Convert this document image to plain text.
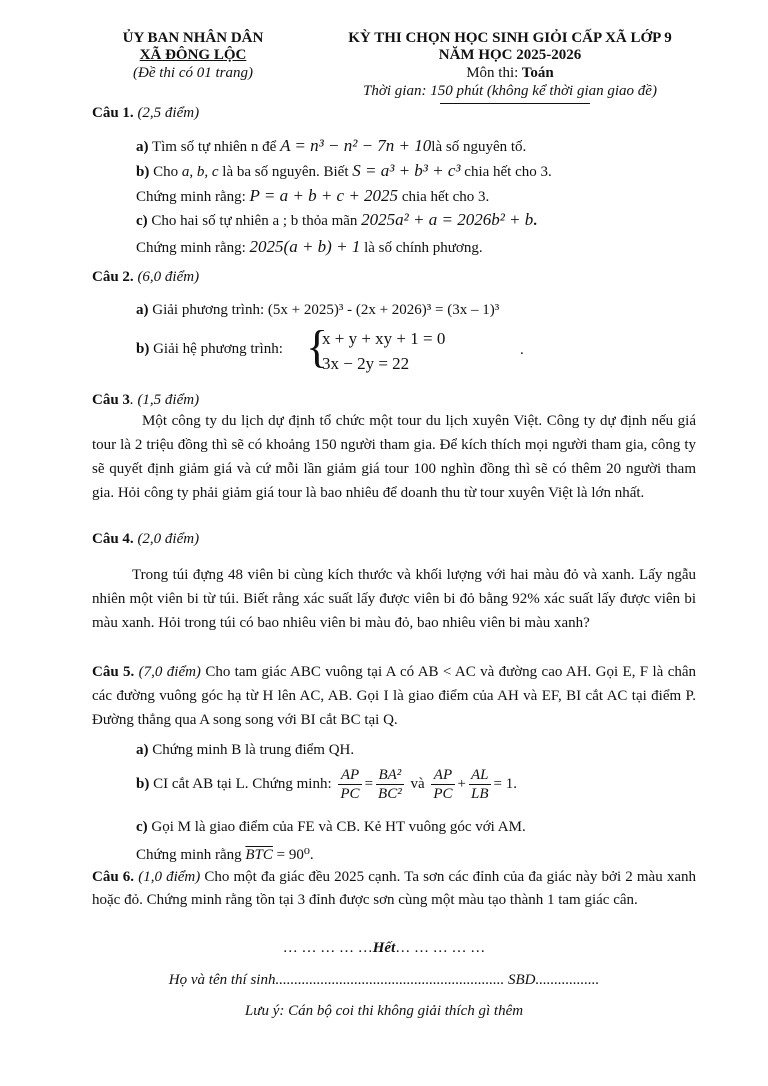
ỦY BAN NHÂN DÂN
XÃ ĐÔNG LỘC
(Đề thi có 01 trang)
KỲ THI CHỌN HỌC SINH GIỎI CẤP XÃ LỚP 9
NĂM HỌC 2025-2026
Môn thi: Toán
Thời gian: 150 phút (không kể thời gian giao đề)
Câu 1. (2,5 điểm)
a) Tìm số tự nhiên n để A = n³ − n² − 7n + 10là số nguyên tố.
b) Cho a, b, c là ba số nguyên. Biết S = a³ + b³ + c³ chia hết cho 3.
Chứng minh rằng: P = a + b + c + 2025 chia hết cho 3.
c) Cho hai số tự nhiên a ; b thỏa mãn 2025a² + a = 2026b² + b.
Chứng minh rằng: 2025(a + b) + 1 là số chính phương.
Câu 2. (6,0 điểm)
a) Giải phương trình: (5x + 2025)³ - (2x + 2026)³ = (3x – 1)³
b) Giải hệ phương trình: {
x + y + xy + 1 = 0
3x − 2y = 22
.
Câu 3. (1,5 điểm)
Một công ty du lịch dự định tổ chức một tour du lịch xuyên Việt. Công ty dự định nếu giá tour là 2 triệu đồng thì sẽ có khoảng 150 người tham gia. Để kích thích mọi người tham gia, công ty sẽ quyết định giảm giá và cứ mỗi lần giảm giá tour 100 nghìn đồng thì sẽ có thêm 20 người tham gia. Hỏi công ty phải giảm giá tour là bao nhiêu để doanh thu từ tour xuyên Việt là lớn nhất.
Câu 4. (2,0 điểm)
Trong túi đựng 48 viên bi cùng kích thước và khối lượng với hai màu đỏ và xanh. Lấy ngẫu nhiên một viên bi từ túi. Biết rằng xác suất lấy được viên bi đỏ bằng 92% xác suất lấy được viên bi màu xanh. Hỏi trong túi có bao nhiêu viên bi màu đỏ, bao nhiêu viên bi màu xanh?
Câu 5. (7,0 điểm) Cho tam giác ABC vuông tại A có AB < AC và đường cao AH. Gọi E, F là chân các đường vuông góc hạ từ H lên AC, AB. Gọi I là giao điểm của AH và EF, BI cắt AC tại điểm P. Đường thẳng qua A song song với BI cắt BC tại Q.
a) Chứng minh B là trung điểm QH.
b) CI cắt AB tại L. Chứng minh: $\frac{AP}{PC} = \frac{\text{BA²}}{\text{BC²}}$ và $\frac{AP}{PC} + \frac{AL}{LB} = 1$.
c) Gọi M là giao điểm của FE và CB. Kẻ HT vuông góc với AM.
Chứng minh rằng $\overline{BTC} = 90^0$.
Câu 6. (1,0 điểm) Cho một đa giác đều 2025 cạnh. Ta sơn các đỉnh của đa giác này bởi 2 màu xanh hoặc đỏ. Chứng minh rằng tồn tại 3 đỉnh được sơn cùng một màu tạo thành 1 tam giác cân.
… … … … …Hết… … … … …
Họ và tên thí sinh............................................................. SBD.................
Lưu ý: Cán bộ coi thi không giải thích gì thêm
